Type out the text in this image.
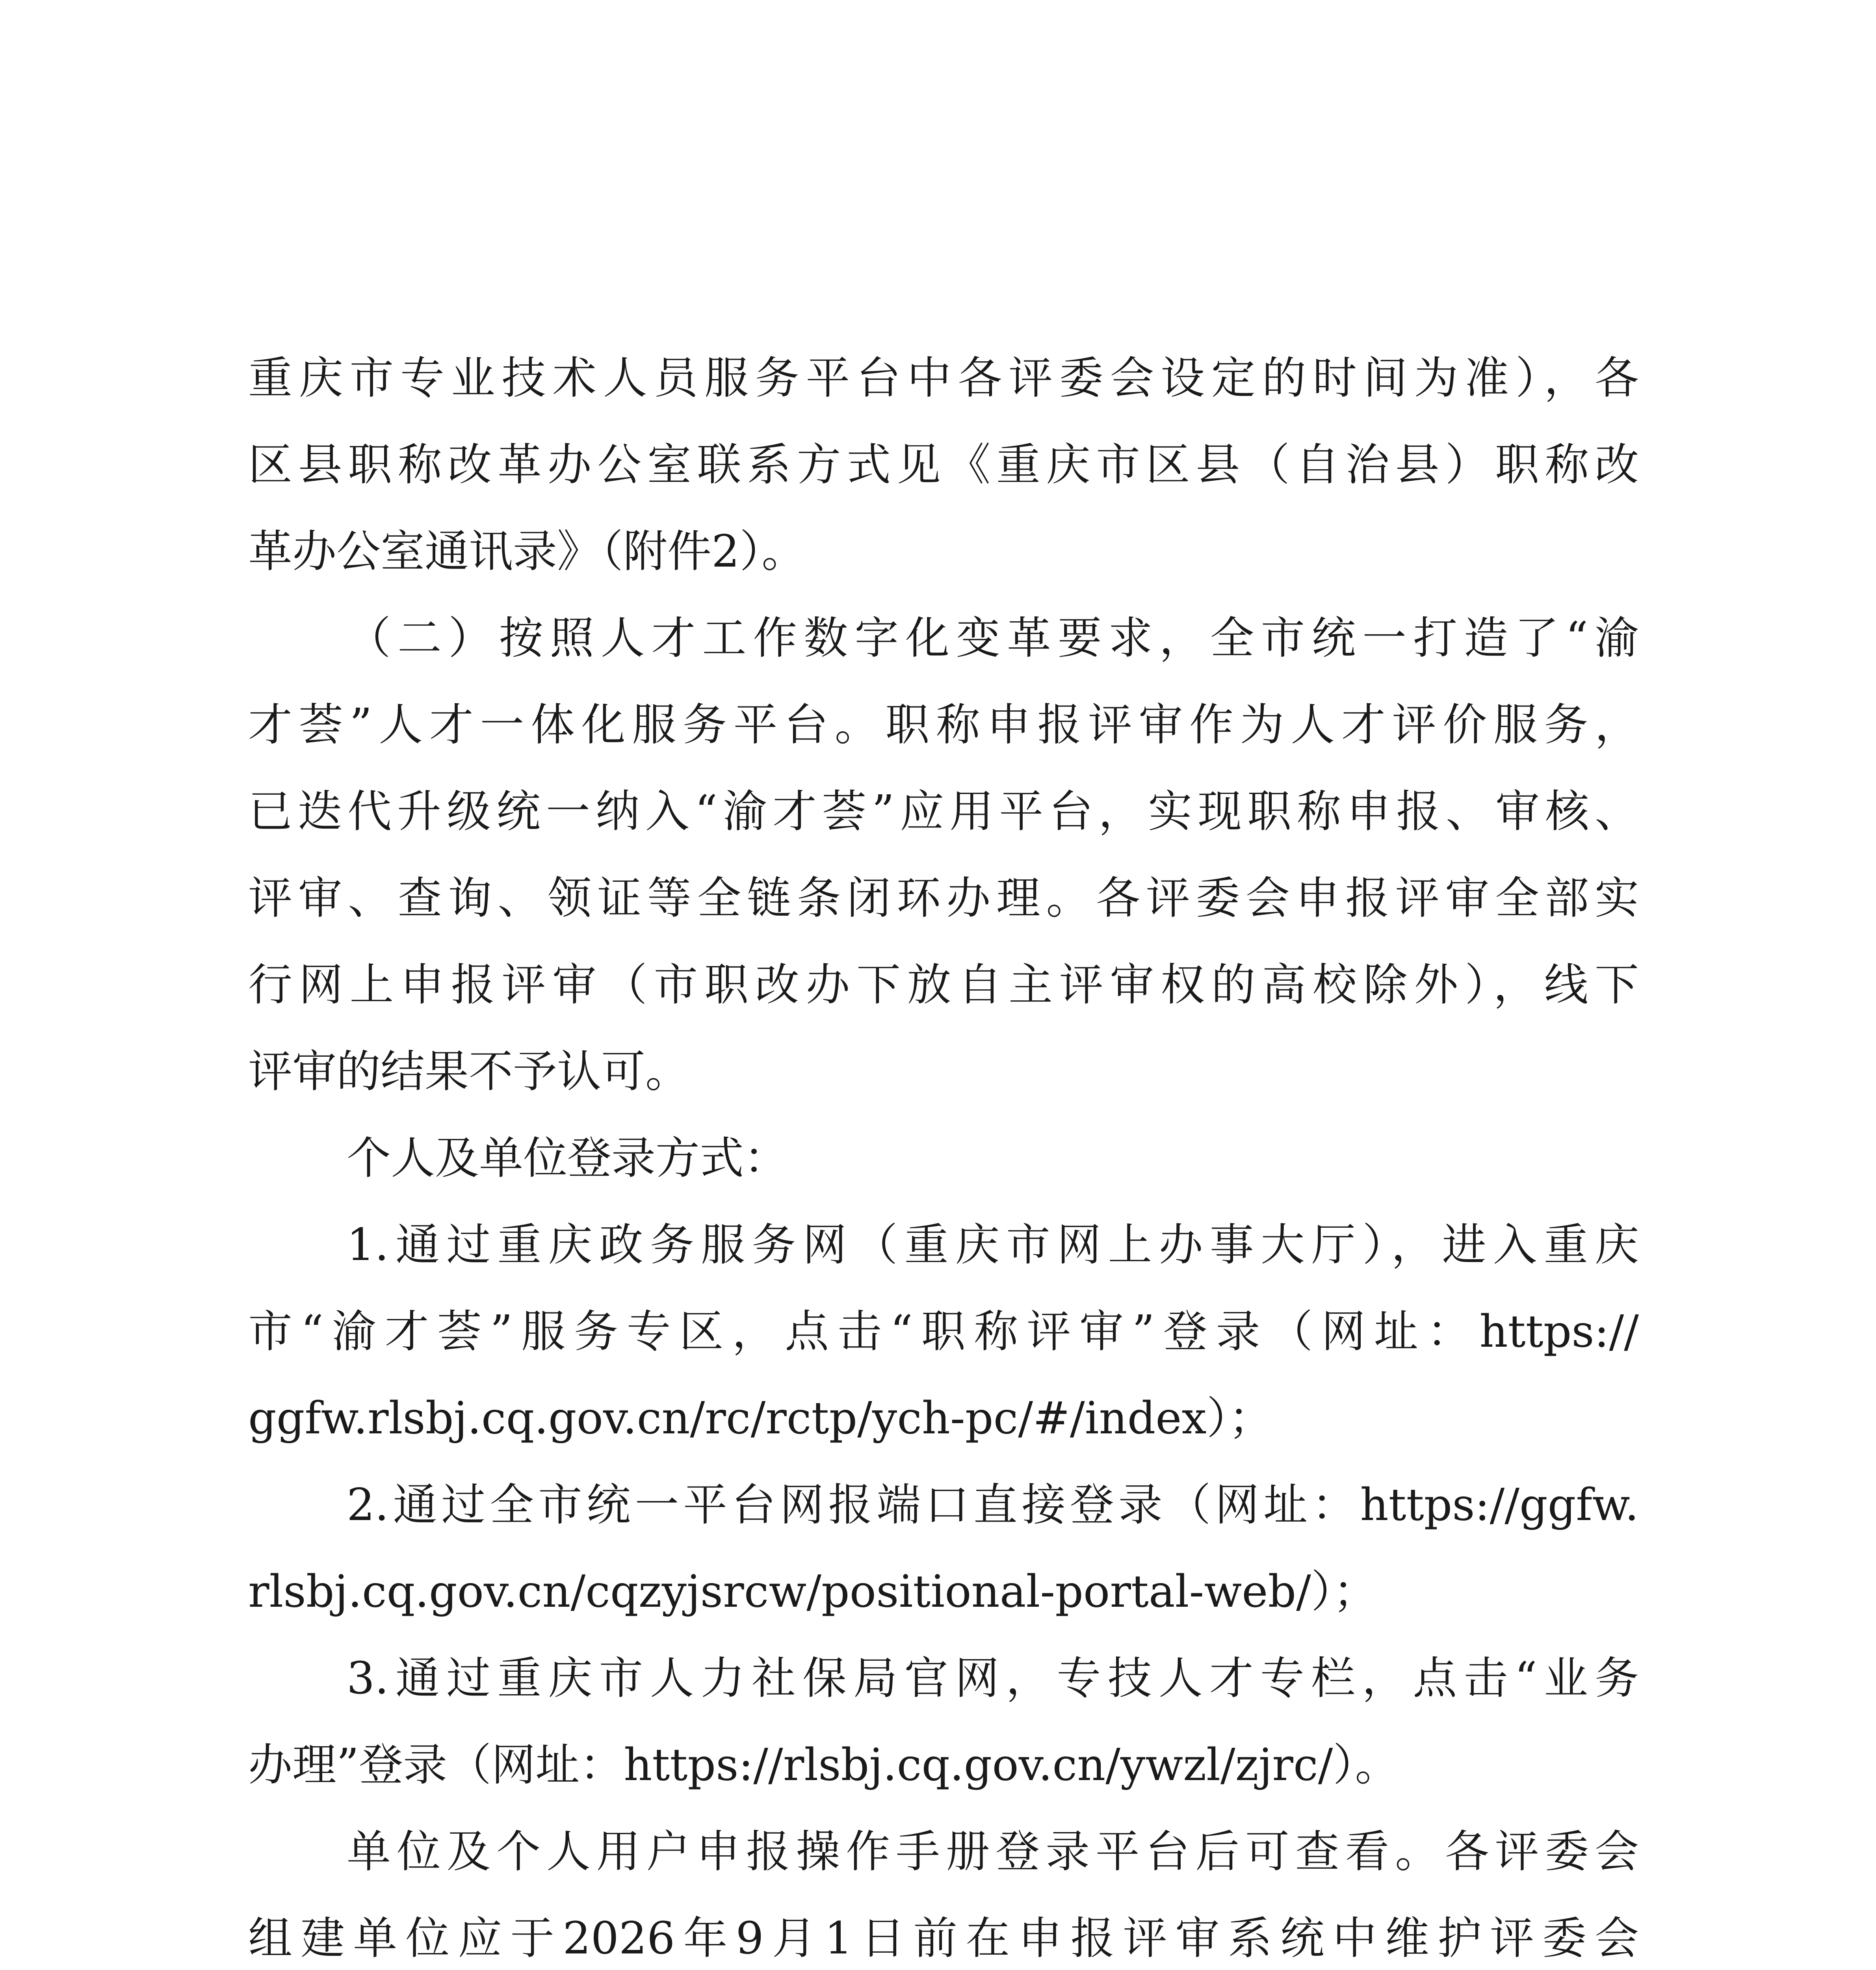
重庆市专业技术人员服务平台中各评委会设定的时间为准），各
区县职称改革办公室联系方式见《重庆市区县（自治县）职称改
革办公室通讯录》（附件2）。
（二）按照人才工作数字化变革要求，全市统一打造了“渝
才荟”人才一体化服务平台。职称申报评审作为人才评价服务，
已迭代升级统一纳入“渝才荟”应用平台，实现职称申报、审核、
评审、查询、领证等全链条闭环办理。各评委会申报评审全部实
行网上申报评审（市职改办下放自主评审权的高校除外），线下
评审的结果不予认可。
个人及单位登录方式：
1.通过重庆政务服务网（重庆市网上办事大厅），进入重庆
市“渝才荟”服务专区，点击“职称评审”登录（网址：https://
ggfw.rlsbj.cq.gov.cn/rc/rctp/ych-pc/#/index）；
2.通过全市统一平台网报端口直接登录（网址：https://ggfw.
rlsbj.cq.gov.cn/cqzyjsrcw/positional-portal-web/）；
3.通过重庆市人力社保局官网，专技人才专栏，点击“业务
办理”登录（网址：https://rlsbj.cq.gov.cn/ywzl/zjrc/）。
单位及个人用户申报操作手册登录平台后可查看。各评委会
组建单位应于2026年9月1日前在申报评审系统中维护评委会
